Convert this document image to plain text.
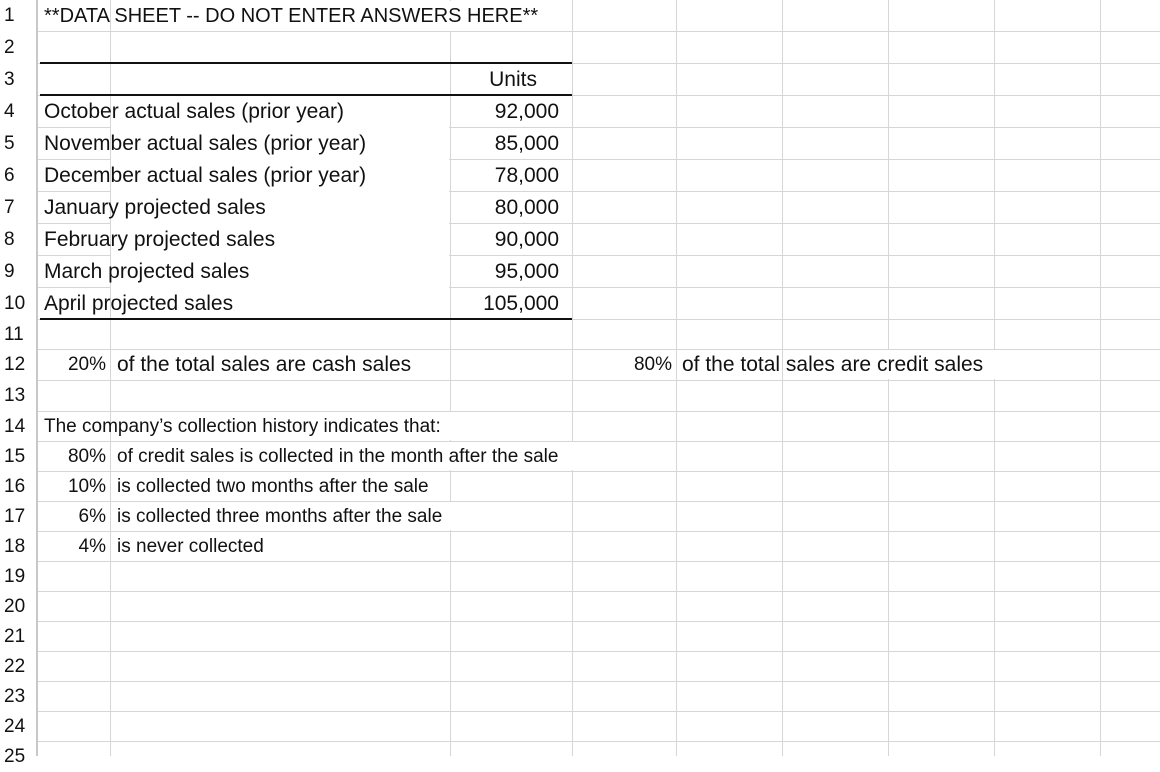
1
2
3
4
5
6
7
8
9
10
11
12
13
14
15
16
17
18
19
20
21
22
23
24
25
**DATA SHEET -- DO NOT ENTER ANSWERS HERE**
Units
October actual sales (prior year)	92,000
November actual sales (prior year)	85,000
December actual sales (prior year)	78,000
January projected sales	80,000
February projected sales	90,000
March projected sales	95,000
April projected sales	105,000
20% of the total sales are cash sales	80% of the total sales are credit sales
The company’s collection history indicates that:
80% of credit sales is collected in the month after the sale
10% is collected two months after the sale
6% is collected three months after the sale
4% is never collected
